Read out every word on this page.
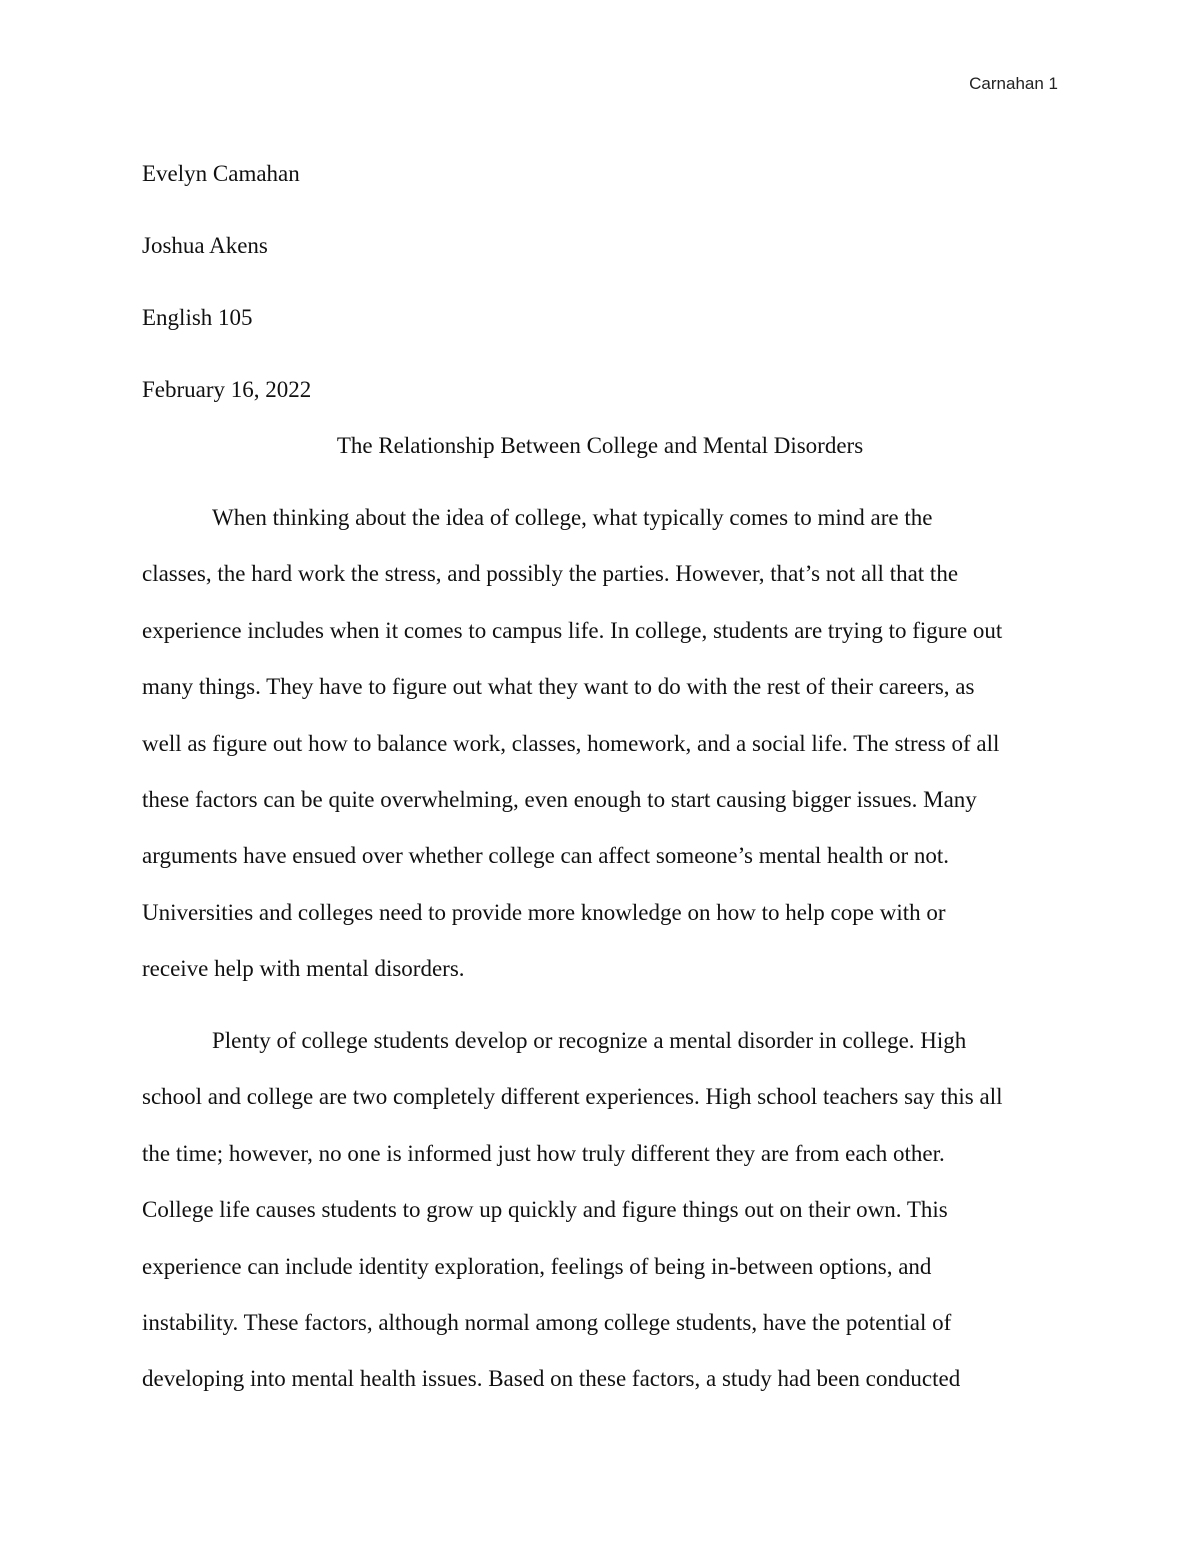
Carnahan 1
Evelyn Camahan
Joshua Akens
English 105
February 16, 2022
The Relationship Between College and Mental Disorders
When thinking about the idea of college, what typically comes to mind are the
classes, the hard work the stress, and possibly the parties. However, that’s not all that the
experience includes when it comes to campus life. In college, students are trying to figure out
many things. They have to figure out what they want to do with the rest of their careers, as
well as figure out how to balance work, classes, homework, and a social life. The stress of all
these factors can be quite overwhelming, even enough to start causing bigger issues. Many
arguments have ensued over whether college can affect someone’s mental health or not.
Universities and colleges need to provide more knowledge on how to help cope with or
receive help with mental disorders.
Plenty of college students develop or recognize a mental disorder in college. High
school and college are two completely different experiences. High school teachers say this all
the time; however, no one is informed just how truly different they are from each other.
College life causes students to grow up quickly and figure things out on their own. This
experience can include identity exploration, feelings of being in-between options, and
instability. These factors, although normal among college students, have the potential of
developing into mental health issues. Based on these factors, a study had been conducted
